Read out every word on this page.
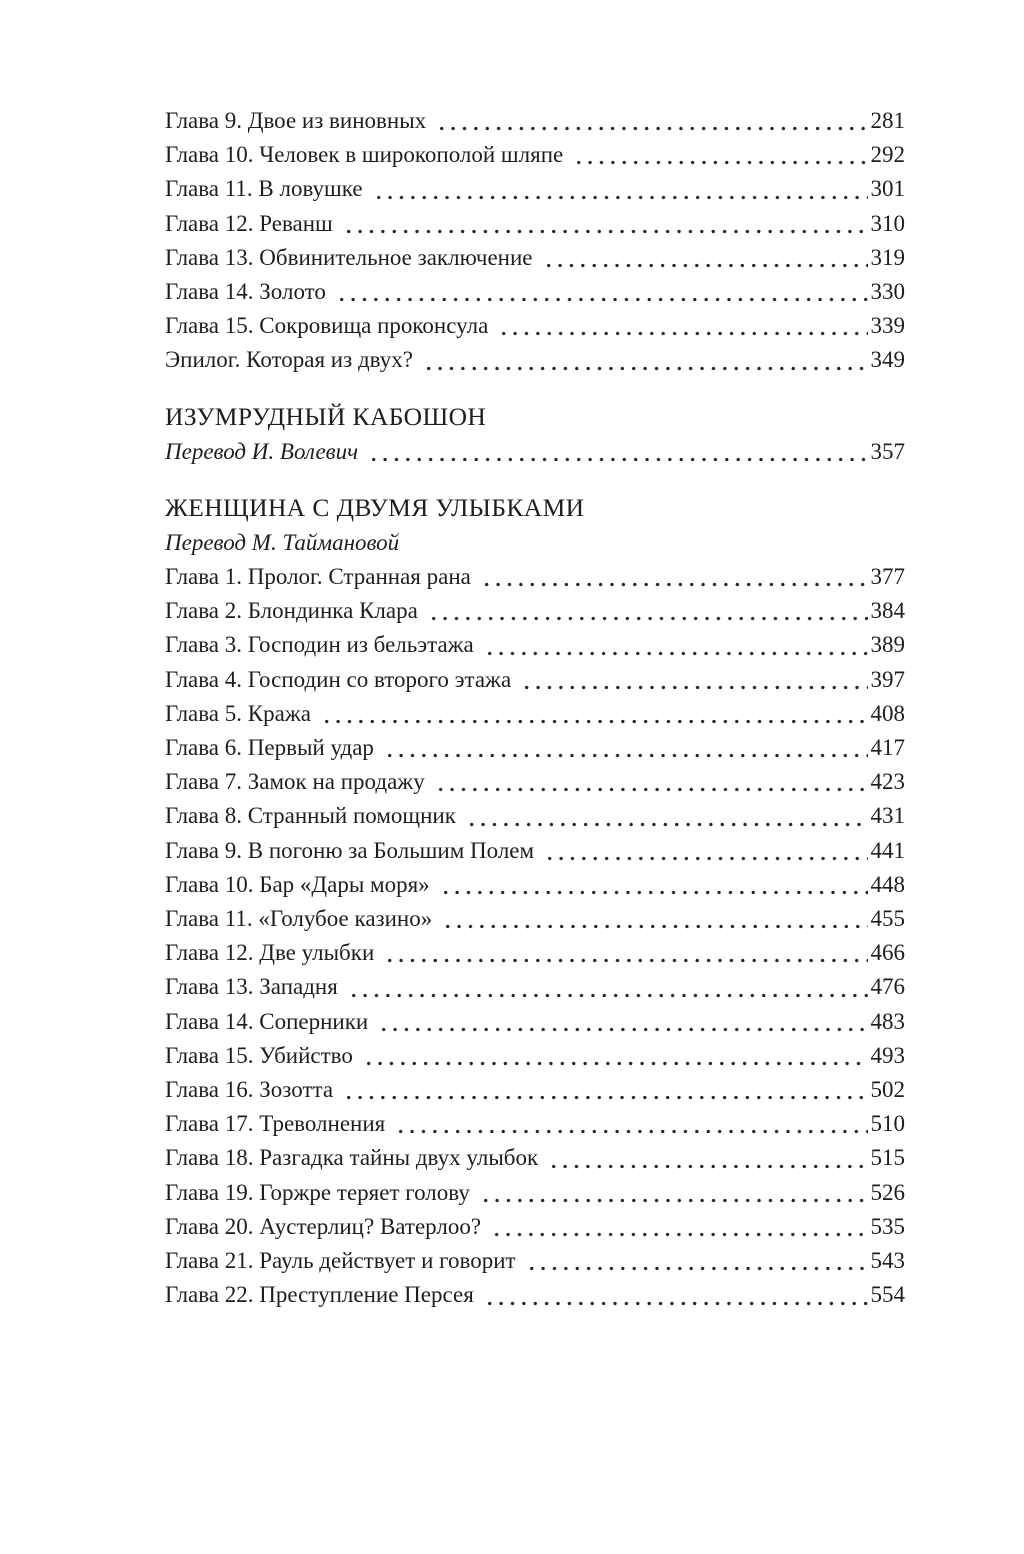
Глава 9. Двое из виновных	281
Глава 10. Человек в широкополой шляпе	292
Глава 11. В ловушке	301
Глава 12. Реванш	310
Глава 13. Обвинительное заключение	319
Глава 14. Золото	330
Глава 15. Сокровища проконсула	339
Эпилог. Которая из двух?	349
ИЗУМРУДНЫЙ КАБОШОН
Перевод И. Волевич	357
ЖЕНЩИНА С ДВУМЯ УЛЫБКАМИ
Перевод М. Таймановой
Глава 1. Пролог. Странная рана	377
Глава 2. Блондинка Клара	384
Глава 3. Господин из бельэтажа	389
Глава 4. Господин со второго этажа	397
Глава 5. Кража	408
Глава 6. Первый удар	417
Глава 7. Замок на продажу	423
Глава 8. Странный помощник	431
Глава 9. В погоню за Большим Полем	441
Глава 10. Бар «Дары моря»	448
Глава 11. «Голубое казино»	455
Глава 12. Две улыбки	466
Глава 13. Западня	476
Глава 14. Соперники	483
Глава 15. Убийство	493
Глава 16. Зозотта	502
Глава 17. Треволнения	510
Глава 18. Разгадка тайны двух улыбок	515
Глава 19. Горжре теряет голову	526
Глава 20. Аустерлиц? Ватерлоо?	535
Глава 21. Рауль действует и говорит	543
Глава 22. Преступление Персея	554
